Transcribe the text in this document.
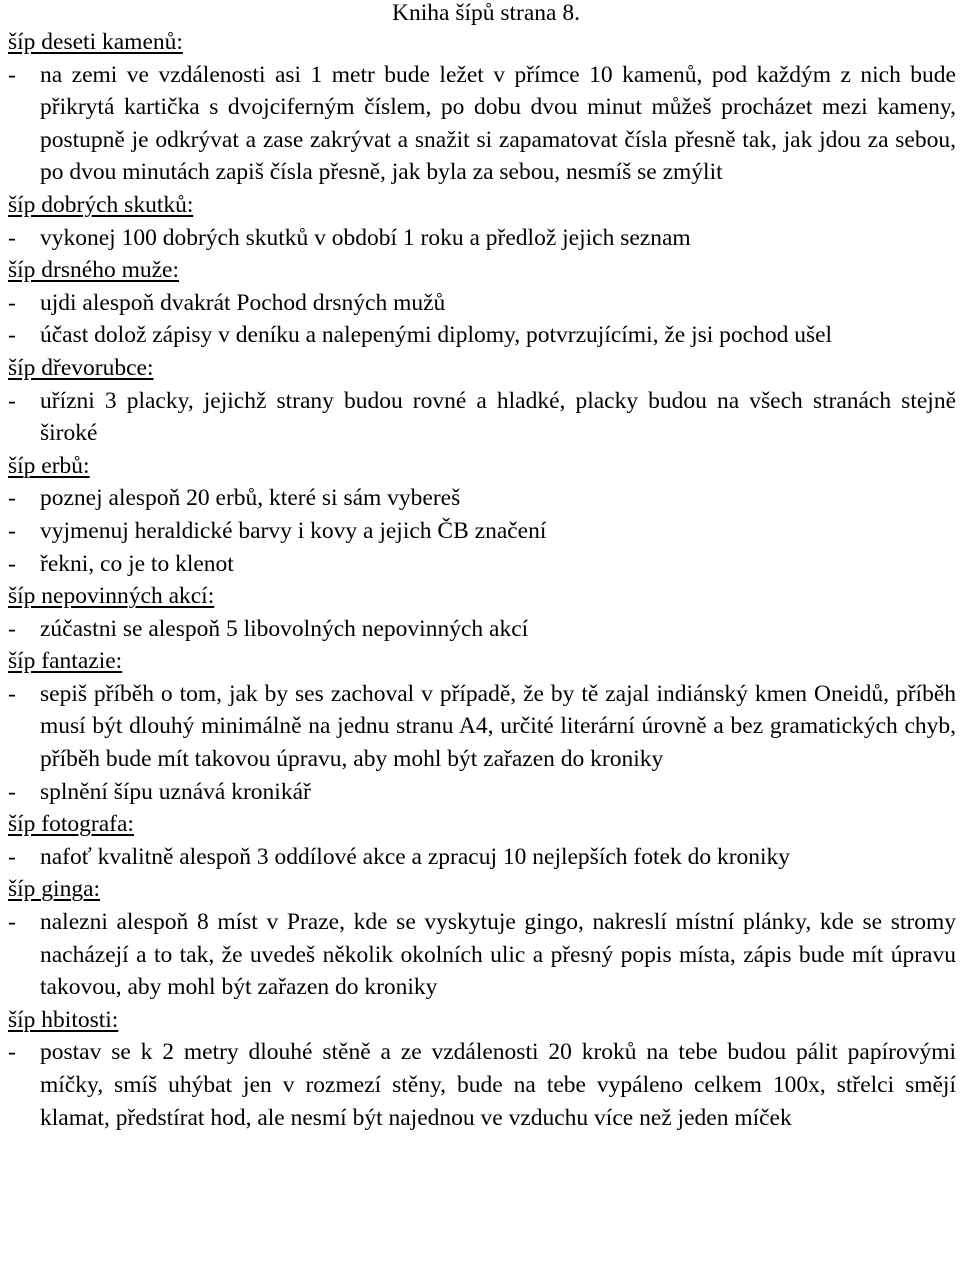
Kniha šípů strana 8.
šíp deseti kamenů:
- na zemi ve vzdálenosti asi 1 metr bude ležet v přímce 10 kamenů, pod každým z nich bude přikrytá kartička s dvojciferným číslem, po dobu dvou minut můžeš procházet mezi kameny, postupně je odkrývat a zase zakrývat a snažit si zapamatovat čísla přesně tak, jak jdou za sebou, po dvou minutách zapiš čísla přesně, jak byla za sebou, nesmíš se zmýlit
šíp dobrých skutků:
- vykonej 100 dobrých skutků v období 1 roku a předlož jejich seznam
šíp drsného muže:
- ujdi alespoň dvakrát Pochod drsných mužů
- účast dolož zápisy v deníku a nalepenými diplomy, potvrzujícími, že jsi pochod ušel
šíp dřevorubce:
- uřízni 3 placky, jejichž strany budou rovné a hladké, placky budou na všech stranách stejně široké
šíp erbů:
- poznej alespoň 20 erbů, které si sám vybereš
- vyjmenuj heraldické barvy i kovy a jejich ČB značení
- řekni, co je to klenot
šíp nepovinných akcí:
- zúčastni se alespoň 5 libovolných nepovinných akcí
šíp fantazie:
- sepiš příběh o tom, jak by ses zachoval v případě, že by tě zajal indiánský kmen Oneidů, příběh musí být dlouhý minimálně na jednu stranu A4, určité literární úrovně a bez gramatických chyb, příběh bude mít takovou úpravu, aby mohl být zařazen do kroniky
- splnění šípu uznává kronikář
šíp fotografa:
- nafoť kvalitně alespoň 3 oddílové akce a zpracuj 10 nejlepších fotek do kroniky
šíp ginga:
- nalezni alespoň 8 míst v Praze, kde se vyskytuje gingo, nakreslí místní plánky, kde se stromy nacházejí a to tak, že uvedeš několik okolních ulic a přesný popis místa, zápis bude mít úpravu takovou, aby mohl být zařazen do kroniky
šíp hbitosti:
- postav se k 2 metry dlouhé stěně a ze vzdálenosti 20 kroků na tebe budou pálit papírovými míčky, smíš uhýbat jen v rozmezí stěny, bude na tebe vypáleno celkem 100x, střelci smějí klamat, předstírat hod, ale nesmí být najednou ve vzduchu více než jeden míček
